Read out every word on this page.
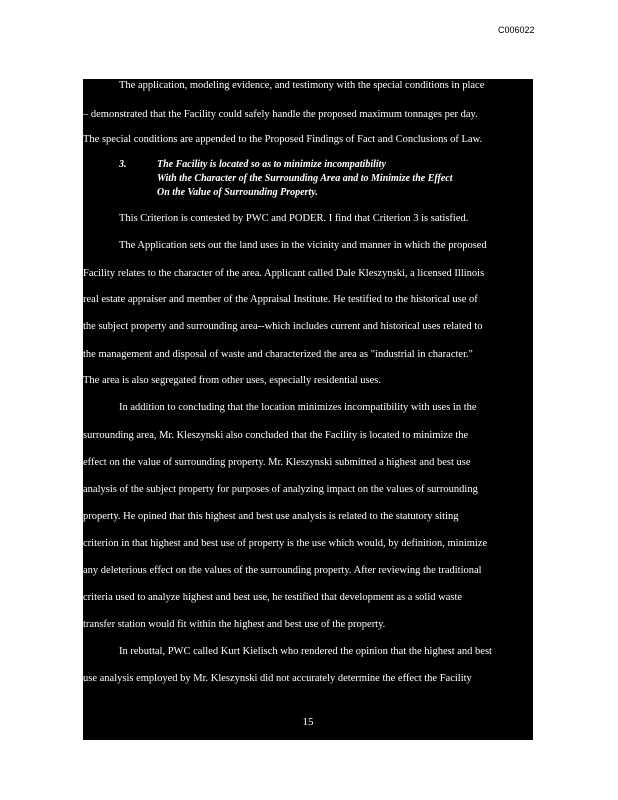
C006022
The application, modeling evidence, and testimony with the special conditions in place
– demonstrated that the Facility could safely handle the proposed maximum tonnages per day.
The special conditions are appended to the Proposed Findings of Fact and Conclusions of Law.
3.	The Facility is located so as to minimize incompatibility
With the Character of the Surrounding Area and to Minimize the Effect
On the Value of Surrounding Property.
This Criterion is contested by PWC and PODER. I find that Criterion 3 is satisfied.
The Application sets out the land uses in the vicinity and manner in which the proposed
Facility relates to the character of the area. Applicant called Dale Kleszynski, a licensed Illinois
real estate appraiser and member of the Appraisal Institute. He testified to the historical use of
the subject property and surrounding area--which includes current and historical uses related to
the management and disposal of waste and characterized the area as "industrial in character."
The area is also segregated from other uses, especially residential uses.
In addition to concluding that the location minimizes incompatibility with uses in the
surrounding area, Mr. Kleszynski also concluded that the Facility is located to minimize the
effect on the value of surrounding property. Mr. Kleszynski submitted a highest and best use
analysis of the subject property for purposes of analyzing impact on the values of surrounding
property. He opined that this highest and best use analysis is related to the statutory siting
criterion in that highest and best use of property is the use which would, by definition, minimize
any deleterious effect on the values of the surrounding property. After reviewing the traditional
criteria used to analyze highest and best use, he testified that development as a solid waste
transfer station would fit within the highest and best use of the property.
In rebuttal, PWC called Kurt Kielisch who rendered the opinion that the highest and best
use analysis employed by Mr. Kleszynski did not accurately determine the effect the Facility
15
